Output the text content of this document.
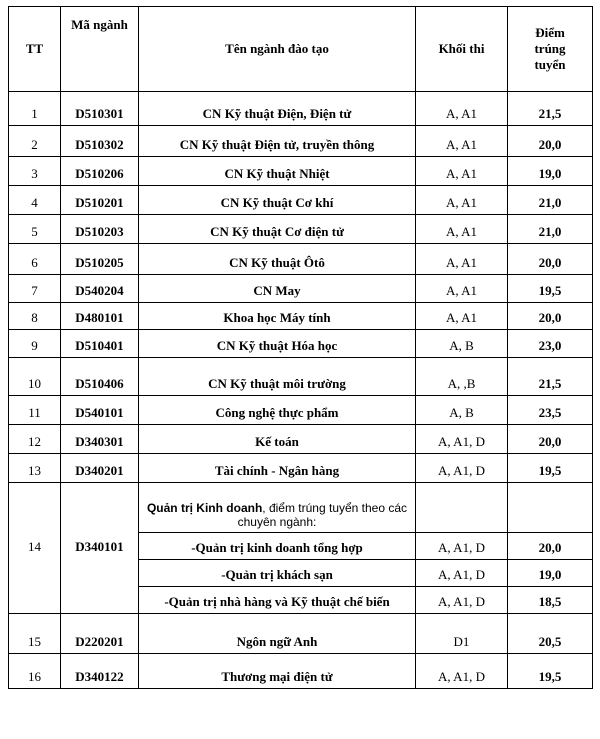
TT	Mã ngành	Tên ngành đào tạo	Khối thi	Điểm trúng tuyển
1	D510301	CN Kỹ thuật Điện, Điện tử	A, A1	21,5
2	D510302	CN Kỹ thuật Điện tử, truyền thông	A, A1	20,0
3	D510206	CN Kỹ thuật Nhiệt	A, A1	19,0
4	D510201	CN Kỹ thuật Cơ khí	A, A1	21,0
5	D510203	CN Kỹ thuật Cơ điện tử	A, A1	21,0
6	D510205	CN Kỹ thuật Ôtô	A, A1	20,0
7	D540204	CN May	A, A1	19,5
8	D480101	Khoa học Máy tính	A, A1	20,0
9	D510401	CN Kỹ thuật Hóa học	A, B	23,0
10	D510406	CN Kỹ thuật môi trường	A, ,B	21,5
11	D540101	Công nghệ thực phẩm	A, B	23,5
12	D340301	Kế toán	A, A1, D	20,0
13	D340201	Tài chính - Ngân hàng	A, A1, D	19,5
14	D340101	Quản trị Kinh doanh, điểm trúng tuyển theo các chuyên ngành:		
		-Quản trị kinh doanh tổng hợp	A, A1, D	20,0
		-Quản trị khách sạn	A, A1, D	19,0
		-Quản trị nhà hàng và Kỹ thuật chế biến	A, A1, D	18,5
15	D220201	Ngôn ngữ Anh	D1	20,5
16	D340122	Thương mại điện tử	A, A1, D	19,5
